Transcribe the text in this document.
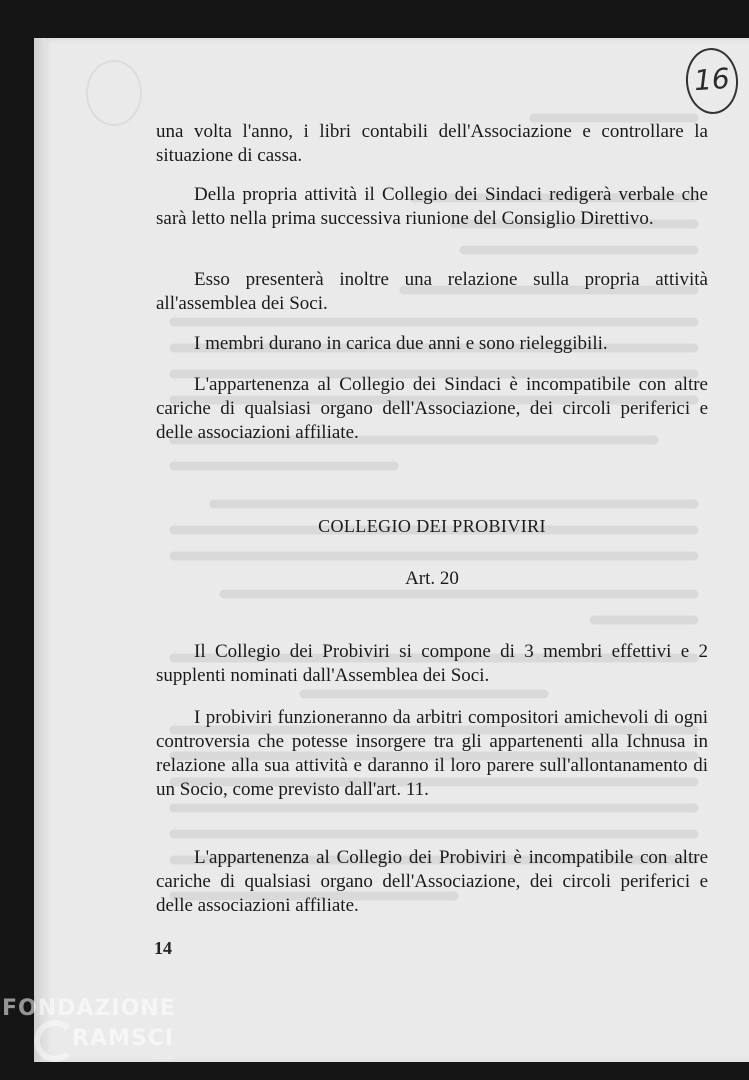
16

una volta l'anno, i libri contabili dell'Associazione e controllare la situazione di cassa.

Della propria attività il Collegio dei Sindaci redigerà verbale che sarà letto nella prima successiva riunione del Consiglio Direttivo.

Esso presenterà inoltre una relazione sulla propria attività all'assemblea dei Soci.

I membri durano in carica due anni e sono rieleggibili.

L'appartenenza al Collegio dei Sindaci è incompatibile con altre cariche di qualsiasi organo dell'Associazione, dei circoli periferici e delle associazioni affiliate.

COLLEGIO DEI PROBIVIRI

Art. 20

Il Collegio dei Probiviri si compone di 3 membri effettivi e 2 supplenti nominati dall'Assemblea dei Soci.

I probiviri funzioneranno da arbitri compositori amichevoli di ogni controversia che potesse insorgere tra gli appartenenti alla Ichnusa in relazione alla sua attività e daranno il loro parere sull'allontanamento di un Socio, come previsto dall'art. 11.

L'appartenenza al Collegio dei Probiviri è incompatibile con altre cariche di qualsiasi organo dell'Associazione, dei circoli periferici e delle associazioni affiliate.

14
FONDAZIONE
RAMSCI
onlus
